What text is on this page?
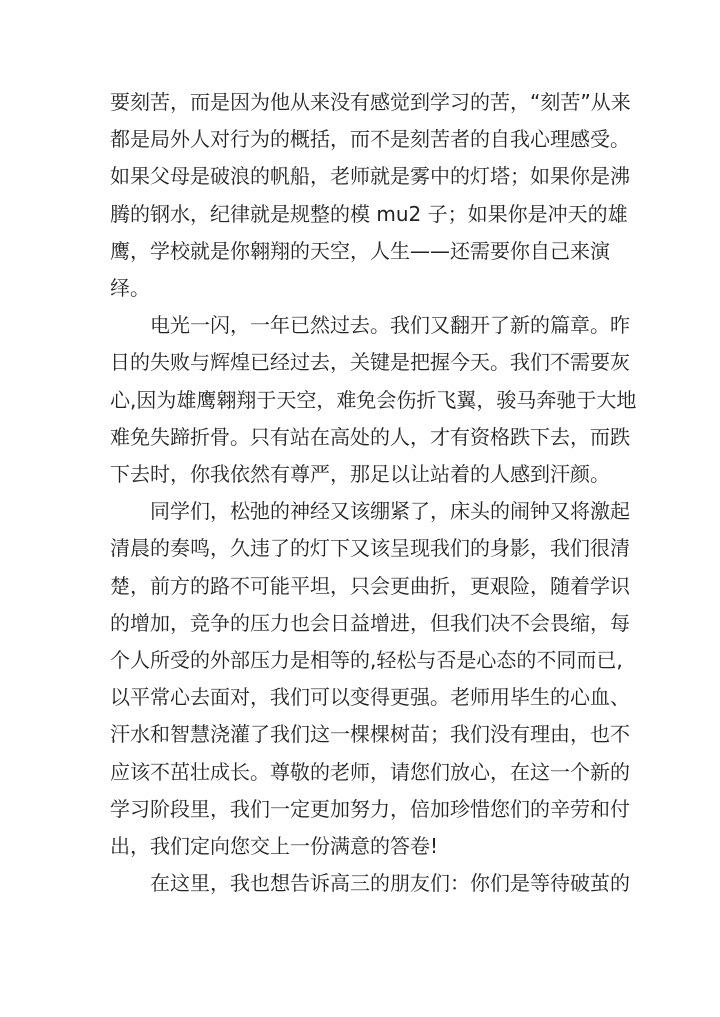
要刻苦，而是因为他从来没有感觉到学习的苦，“刻苦”从来
都是局外人对行为的概括，而不是刻苦者的自我心理感受。
如果父母是破浪的帆船，老师就是雾中的灯塔；如果你是沸
腾的钢水，纪律就是规整的模 mu2 子；如果你是冲天的雄
鹰，学校就是你翱翔的天空，人生——还需要你自己来演
绎。

　　电光一闪，一年已然过去。我们又翻开了新的篇章。昨
日的失败与辉煌已经过去，关键是把握今天。我们不需要灰
心,因为雄鹰翱翔于天空，难免会伤折飞翼，骏马奔驰于大地
难免失蹄折骨。只有站在高处的人，才有资格跌下去，而跌
下去时，你我依然有尊严，那足以让站着的人感到汗颜。

　　同学们，松弛的神经又该绷紧了，床头的闹钟又将激起
清晨的奏鸣，久违了的灯下又该呈现我们的身影，我们很清
楚，前方的路不可能平坦，只会更曲折，更艰险，随着学识
的增加，竞争的压力也会日益增进，但我们决不会畏缩，每
个人所受的外部压力是相等的,轻松与否是心态的不同而已,
以平常心去面对，我们可以变得更强。老师用毕生的心血、
汗水和智慧浇灌了我们这一棵棵树苗；我们没有理由，也不
应该不茁壮成长。尊敬的老师，请您们放心，在这一个新的
学习阶段里，我们一定更加努力，倍加珍惜您们的辛劳和付
出，我们定向您交上一份满意的答卷!

　　在这里，我也想告诉高三的朋友们：你们是等待破茧的
